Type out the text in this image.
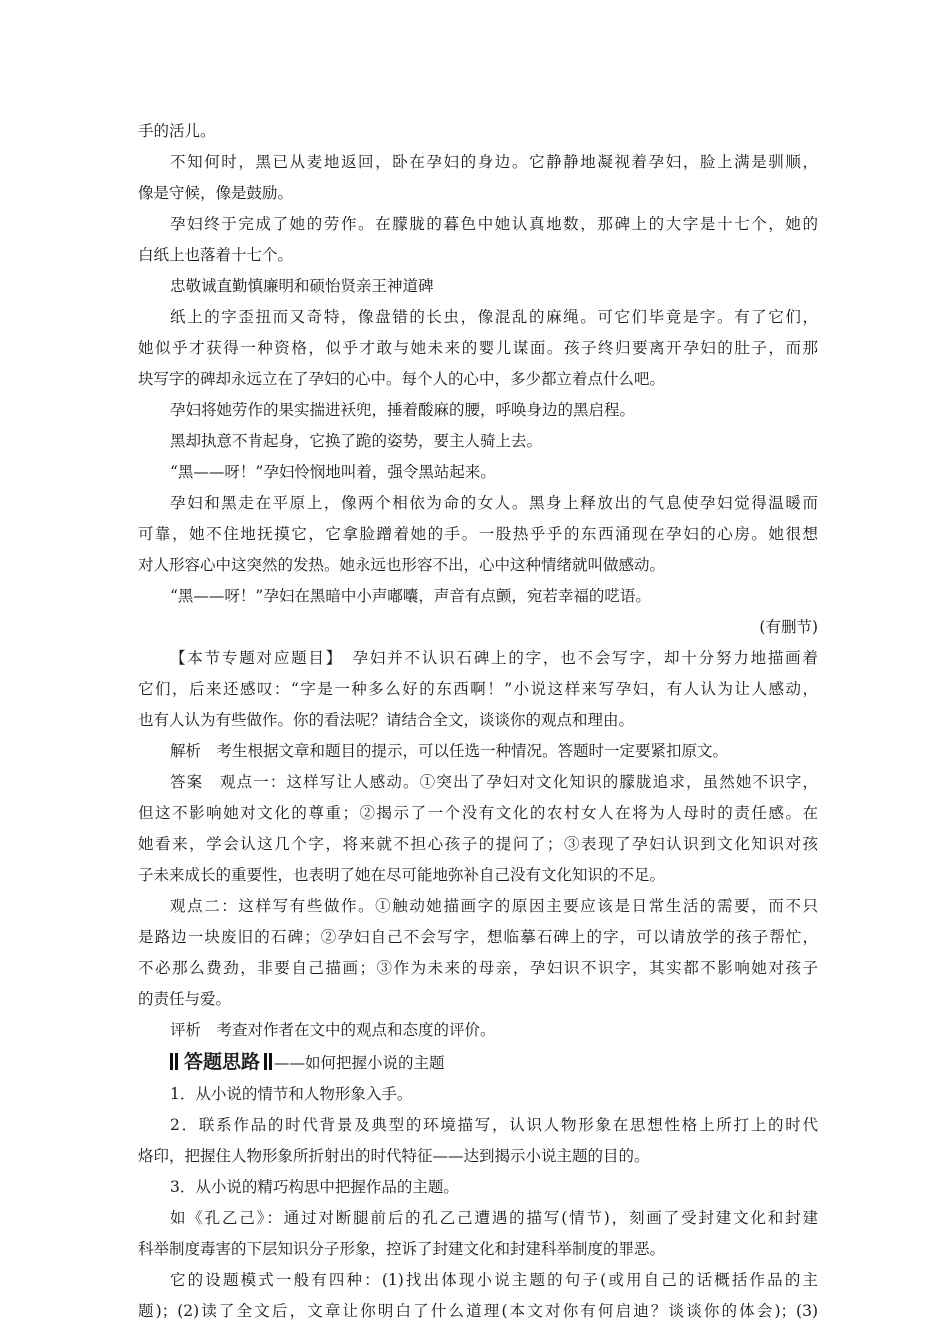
手的活儿。
不知何时，黑已从麦地返回，卧在孕妇的身边。它静静地凝视着孕妇，脸上满是驯顺，
像是守候，像是鼓励。
孕妇终于完成了她的劳作。在朦胧的暮色中她认真地数，那碑上的大字是十七个，她的
白纸上也落着十七个。
忠敬诚直勤慎廉明和硕怡贤亲王神道碑
纸上的字歪扭而又奇特，像盘错的长虫，像混乱的麻绳。可它们毕竟是字。有了它们，
她似乎才获得一种资格，似乎才敢与她未来的婴儿谋面。孩子终归要离开孕妇的肚子，而那
块写字的碑却永远立在了孕妇的心中。每个人的心中，多少都立着点什么吧。
孕妇将她劳作的果实揣进袄兜，捶着酸麻的腰，呼唤身边的黑启程。
黑却执意不肯起身，它换了跪的姿势，要主人骑上去。
“黑——呀！”孕妇怜悯地叫着，强令黑站起来。
孕妇和黑走在平原上，像两个相依为命的女人。黑身上释放出的气息使孕妇觉得温暖而
可靠，她不住地抚摸它，它拿脸蹭着她的手。一股热乎乎的东西涌现在孕妇的心房。她很想
对人形容心中这突然的发热。她永远也形容不出，心中这种情绪就叫做感动。
“黑——呀！”孕妇在黑暗中小声嘟囔，声音有点颤，宛若幸福的呓语。
(有删节)
【本节专题对应题目】　孕妇并不认识石碑上的字，也不会写字，却十分努力地描画着
它们，后来还感叹：“字是一种多么好的东西啊！”小说这样来写孕妇，有人认为让人感动，
也有人认为有些做作。你的看法呢？请结合全文，谈谈你的观点和理由。
解析　考生根据文章和题目的提示，可以任选一种情况。答题时一定要紧扣原文。
答案　观点一：这样写让人感动。①突出了孕妇对文化知识的朦胧追求，虽然她不识字，
但这不影响她对文化的尊重；②揭示了一个没有文化的农村女人在将为人母时的责任感。在
她看来，学会认这几个字，将来就不担心孩子的提问了；③表现了孕妇认识到文化知识对孩
子未来成长的重要性，也表明了她在尽可能地弥补自己没有文化知识的不足。
观点二：这样写有些做作。①触动她描画字的原因主要应该是日常生活的需要，而不只
是路边一块废旧的石碑；②孕妇自己不会写字，想临摹石碑上的字，可以请放学的孩子帮忙，
不必那么费劲，非要自己描画；③作为未来的母亲，孕妇识不识字，其实都不影响她对孩子
的责任与爱。
评析　考查对作者在文中的观点和态度的评价。
答题思路 ——如何把握小说的主题
1．从小说的情节和人物形象入手。
2．联系作品的时代背景及典型的环境描写，认识人物形象在思想性格上所打上的时代
烙印，把握住人物形象所折射出的时代特征——达到揭示小说主题的目的。
3．从小说的精巧构思中把握作品的主题。
如《孔乙己》：通过对断腿前后的孔乙己遭遇的描写(情节)，刻画了受封建文化和封建
科举制度毒害的下层知识分子形象，控诉了封建文化和封建科举制度的罪恶。
它的设题模式一般有四种：(1)找出体现小说主题的句子(或用自己的话概括作品的主
题)；(2)读了全文后，文章让你明白了什么道理(本文对你有何启迪？谈谈你的体会)；(3)
